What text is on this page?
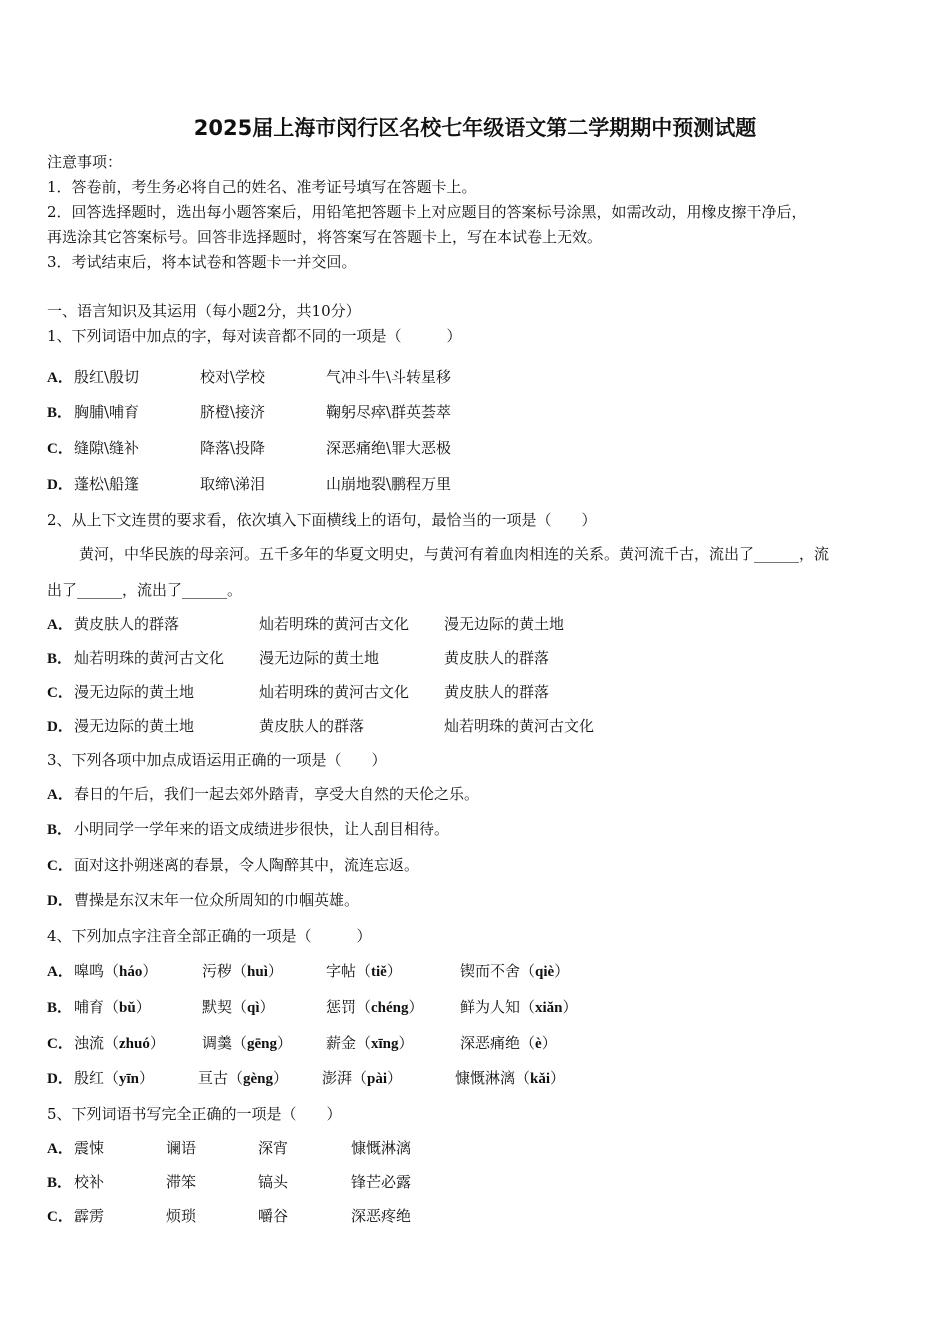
2025届上海市闵行区名校七年级语文第二学期期中预测试题
注意事项：
1．答卷前，考生务必将自己的姓名、准考证号填写在答题卡上。
2．回答选择题时，选出每小题答案后，用铅笔把答题卡上对应题目的答案标号涂黑，如需改动，用橡皮擦干净后，
再选涂其它答案标号。回答非选择题时，将答案写在答题卡上，写在本试卷上无效。
3．考试结束后，将本试卷和答题卡一并交回。
一、语言知识及其运用（每小题2分，共10分）
1、下列词语中加点的字，每对读音都不同的一项是（　　　）
A． 殷红\殷切	校对\学校	气冲斗牛\斗转星移
B． 胸脯\哺育	脐橙\接济	鞠躬尽瘁\群英荟萃
C． 缝隙\缝补	降落\投降	深恶痛绝\罪大恶极
D． 蓬松\船篷	取缔\涕泪	山崩地裂\鹏程万里
2、从上下文连贯的要求看，依次填入下面横线上的语句，最恰当的一项是（　　）
黄河，中华民族的母亲河。五千多年的华夏文明史，与黄河有着血肉相连的关系。黄河流千古，流出了______，流
出了______，流出了______。
A． 黄皮肤人的群落	灿若明珠的黄河古文化 漫无边际的黄土地
B． 灿若明珠的黄河古文化 漫无边际的黄土地	黄皮肤人的群落
C． 漫无边际的黄土地	灿若明珠的黄河古文化 黄皮肤人的群落
D． 漫无边际的黄土地	黄皮肤人的群落	灿若明珠的黄河古文化
3、下列各项中加点成语运用正确的一项是（　　）
A． 春日的午后，我们一起去郊外踏青，享受大自然的天伦之乐。
B． 小明同学一学年来的语文成绩进步很快，让人刮目相待。
C． 面对这扑朔迷离的春景，令人陶醉其中，流连忘返。
D． 曹操是东汉末年一位众所周知的巾帼英雄。
4、下列加点字注音全部正确的一项是（　　　）
A． 嗥鸣（háo）	污秽（huì）	字帖（tiě）	锲而不舍（qiè）
B． 哺育（bǔ）	默契（qì）	惩罚（chéng） 鲜为人知（xiǎn）
C． 浊流（zhuó） 调羹（gēng） 薪金（xīng）	深恶痛绝（è）
D． 殷红（yīn）	亘古（gèng） 澎湃（pài）	慷慨淋漓（kǎi）
5、下列词语书写完全正确的一项是（　　）
A． 震悚	谰语	深宵	慷慨淋漓
B． 校补	滞笨	镐头	锋芒必露
C． 霹雳	烦琐	嚼谷	深恶疼绝
